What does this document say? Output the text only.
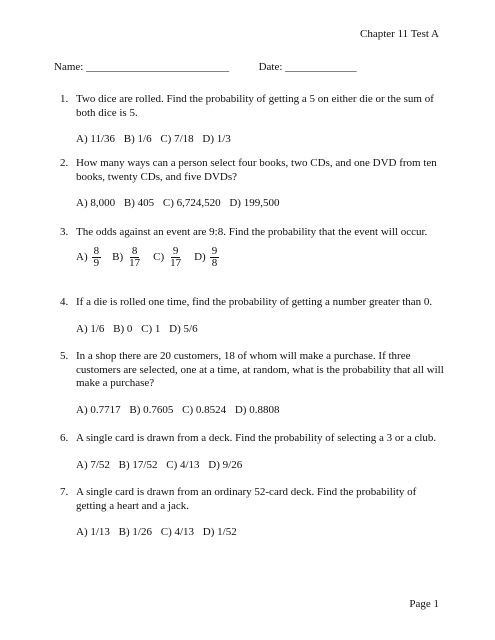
Chapter 11 Test A
Name: __________________________	Date: _____________
1. Two dice are rolled. Find the probability of getting a 5 on either die or the sum of both dice is 5.
A) 11/36 B) 1/6 C) 7/18 D) 1/3
2. How many ways can a person select four books, two CDs, and one DVD from ten books, twenty CDs, and five DVDs?
A) 8,000 B) 405 C) 6,724,520 D) 199,500
3. The odds against an event are 9:8. Find the probability that the event will occur.
$A) \frac{8}{9} B) \frac{8}{17} C) \frac{9}{17} D) \frac{9}{8}$
4. If a die is rolled one time, find the probability of getting a number greater than 0.
A) 1/6 B) 0 C) 1 D) 5/6
5. In a shop there are 20 customers, 18 of whom will make a purchase. If three customers are selected, one at a time, at random, what is the probability that all will make a purchase?
A) 0.7717 B) 0.7605 C) 0.8524 D) 0.8808
6. A single card is drawn from a deck. Find the probability of selecting a 3 or a club.
A) 7/52 B) 17/52 C) 4/13 D) 9/26
7. A single card is drawn from an ordinary 52-card deck. Find the probability of getting a heart and a jack.
A) 1/13 B) 1/26 C) 4/13 D) 1/52
Page 1
